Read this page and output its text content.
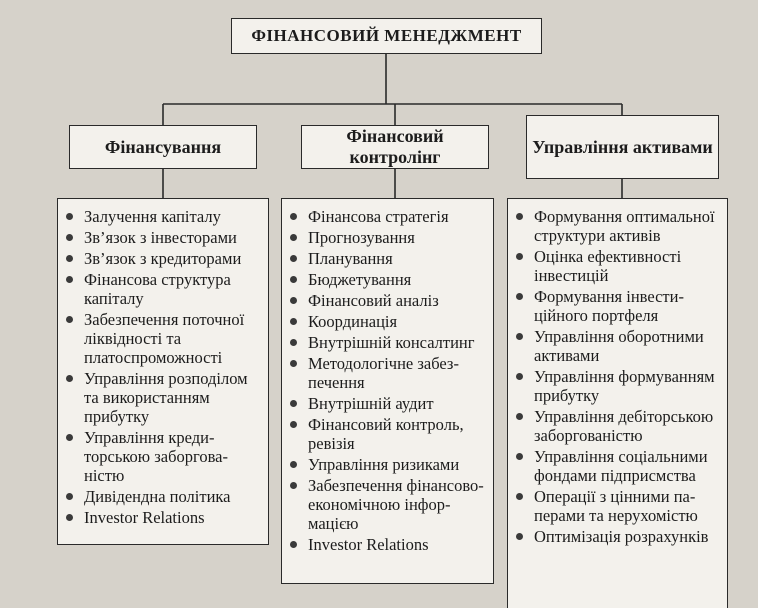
ФІНАНСОВИЙ МЕНЕДЖМЕНТ
Фінансування
Фінансовий контролінг
Управління активами
Залучення капіталу
Зв’язок з інвесторами
Зв’язок з кредиторами
Фінансова структура капіталу
Забезпечення поточної ліквідності та платоспроможності
Управління розподілом та використанням прибутку
Управління кредиторською заборгованістю
Дивідендна політика
Investor Relations
Фінансова стратегія
Прогнозування
Планування
Бюджетування
Фінансовий аналіз
Координація
Внутрішній консалтинг
Методологічне забезпечення
Внутрішній аудит
Фінансовий контроль, ревізія
Управління ризиками
Забезпечення фінансово-економічною інформацією
Investor Relations
Формування оптимальної структури активів
Оцінка ефективності інвестицій
Формування інвестиційного портфеля
Управління оборотними активами
Управління формуванням прибутку
Управління дебіторською заборгованістю
Управління соціальними фондами підприсмства
Операції з цінними паперами та нерухомістю
Оптимізація розрахунків
